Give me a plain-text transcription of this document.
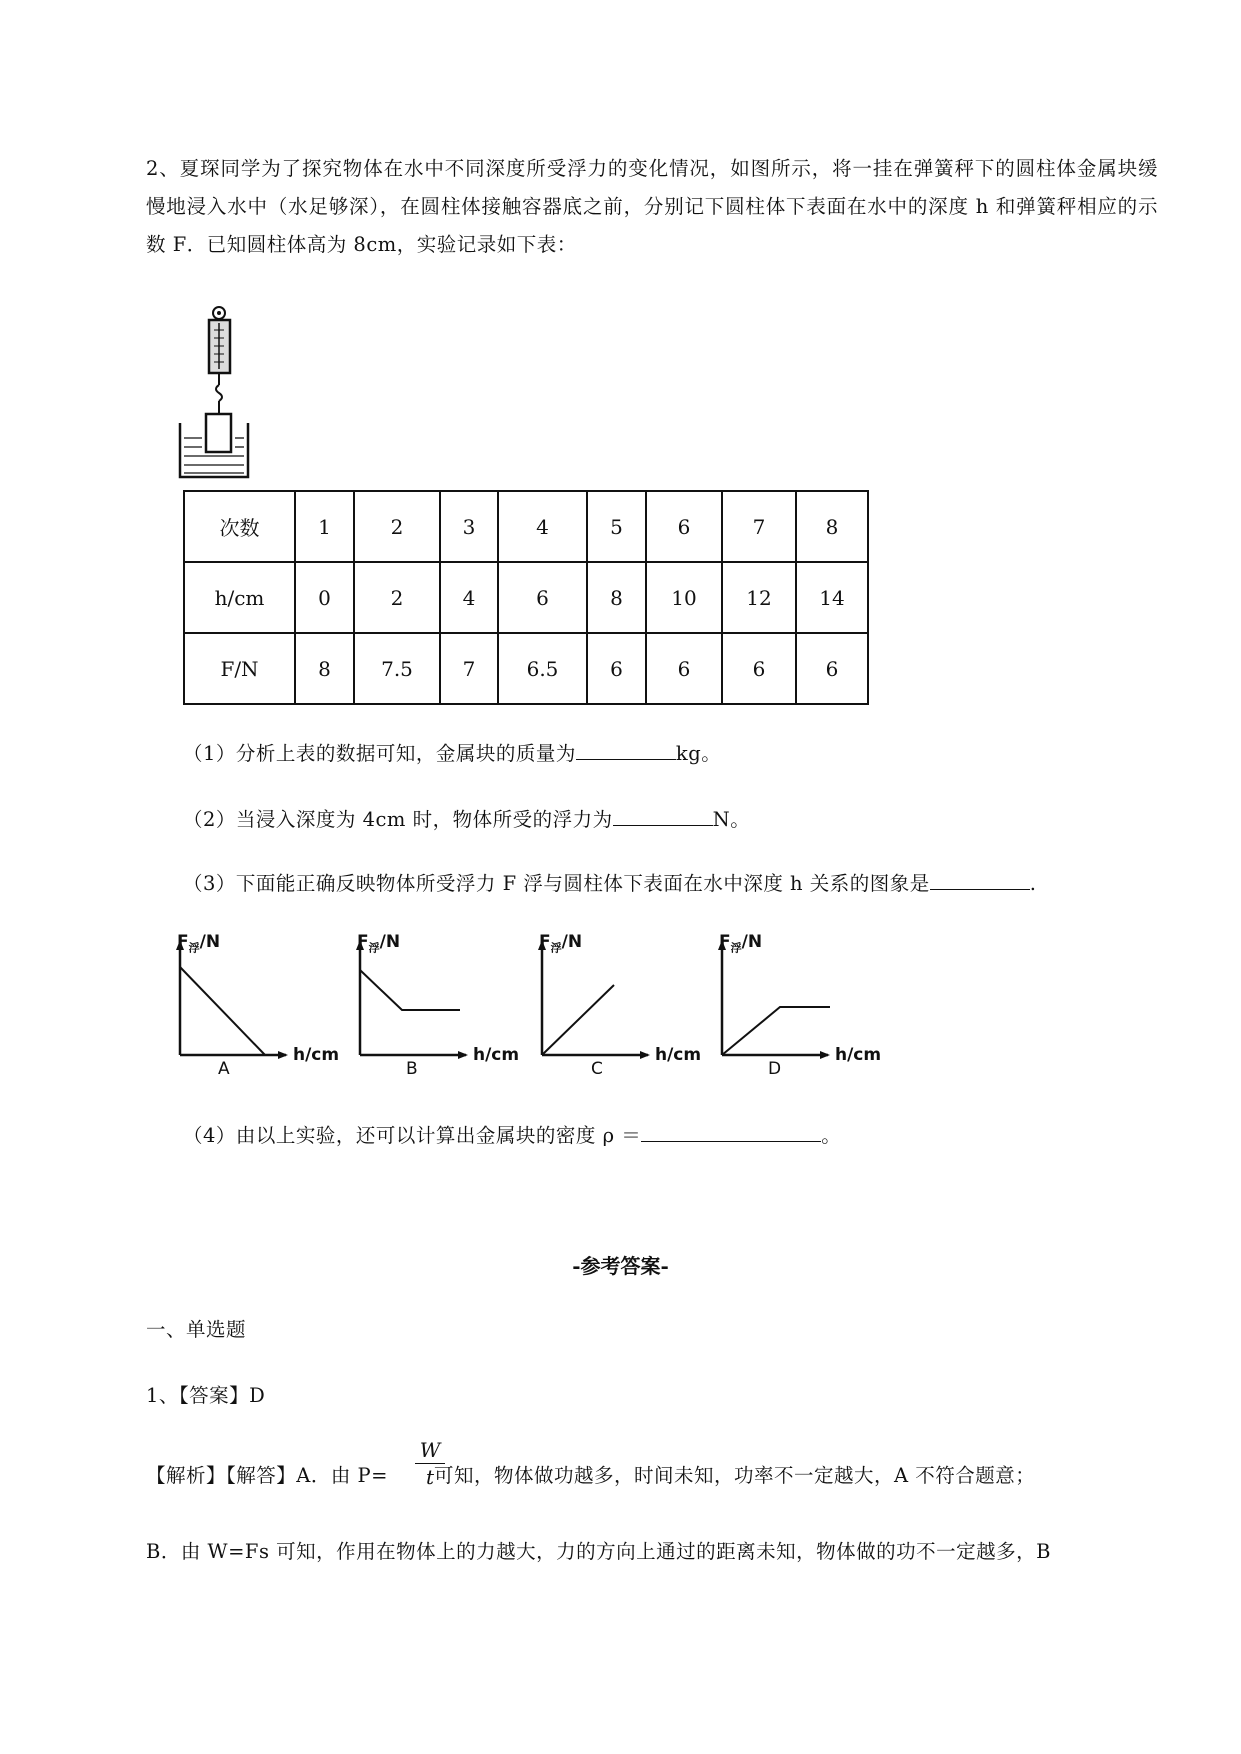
2、夏琛同学为了探究物体在水中不同深度所受浮力的变化情况，如图所示，将一挂在弹簧秤下的圆柱体金属块缓慢地浸入水中（水足够深），在圆柱体接触容器底之前，分别记下圆柱体下表面在水中的深度 h 和弹簧秤相应的示数 F．已知圆柱体高为 8cm，实验记录如下表：
次数	1	2	3	4	5	6	7	8
h/cm	0	2	4	6	8	10	12	14
F/N	8	7.5	7	6.5	6	6	6	6
（1）分析上表的数据可知，金属块的质量为	kg。
（2）当浸入深度为 4cm 时，物体所受的浮力为	N。
（3）下面能正确反映物体所受浮力 F 浮与圆柱体下表面在水中深度 h 关系的图象是	.
$F_浮/N$	$F_浮/N$	$F_浮/N$	$F_浮/N$
h/cm	h/cm	h/cm	h/cm
A	B	C	D
（4）由以上实验，还可以计算出金属块的密度 ρ ＝	。
-参考答案-
一、单选题
1、【答案】D
【解析】【解答】A．由 P= 可知，物体做功越多，时间未知，功率不一定越大，A 不符合题意；
$\frac{W}{t}$
B．由 W=Fs 可知，作用在物体上的力越大，力的方向上通过的距离未知，物体做的功不一定越多，B
